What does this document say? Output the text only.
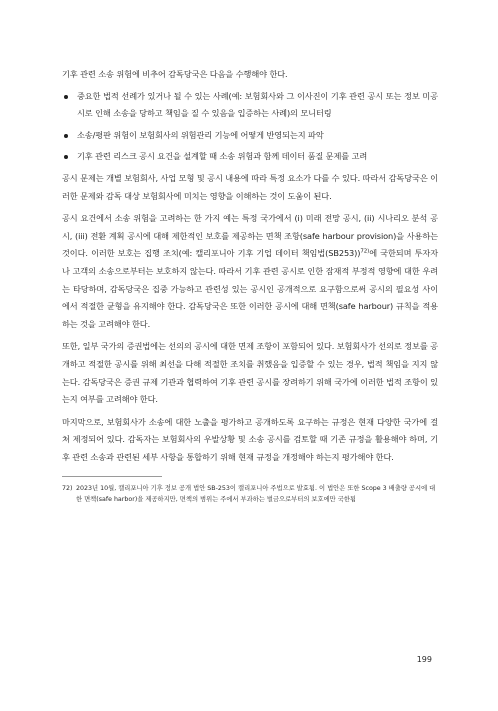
기후 관련 소송 위험에 비추어 감독당국은 다음을 수행해야 한다.

중요한 법적 선례가 있거나 될 수 있는 사례(예: 보험회사와 그 이사진이 기후 관련 공시 또는 정보 미공시로 인해 소송을 당하고 책임을 질 수 있음을 입증하는 사례)의 모니터링
소송/평판 위험이 보험회사의 위험관리 기능에 어떻게 반영되는지 파악
기후 관련 리스크 공시 요건을 설계할 때 소송 위험과 함께 데이터 품질 문제를 고려

공시 문제는 개별 보험회사, 사업 모형 및 공시 내용에 따라 특정 요소가 다를 수 있다. 따라서 감독당국은 이러한 문제와 감독 대상 보험회사에 미치는 영향을 이해하는 것이 도움이 된다.

공시 요건에서 소송 위험을 고려하는 한 가지 예는 특정 국가에서 (i) 미래 전망 공시, (ii) 시나리오 분석 공시, (iii) 전환 계획 공시에 대해 제한적인 보호를 제공하는 면책 조항(safe harbour provision)을 사용하는 것이다. 이러한 보호는 집행 조치(예: 캘리포니아 기후 기업 데이터 책임법(SB253))$^{72)}$에 국한되며 투자자나 고객의 소송으로부터는 보호하지 않는다. 따라서 기후 관련 공시로 인한 잠재적 부정적 영향에 대한 우려는 타당하며, 감독당국은 집중 가능하고 관련성 있는 공시인 공개적으로 요구함으로써 공시의 필요성 사이에서 적절한 균형을 유지해야 한다. 감독당국은 또한 이러한 공시에 대해 면책(safe harbour) 규칙을 적용하는 것을 고려해야 한다.

또한, 일부 국가의 증권법에는 선의의 공시에 대한 면제 조항이 포함되어 있다. 보험회사가 선의로 정보를 공개하고 적절한 공시를 위해 최선을 다해 적절한 조치를 취했음을 입증할 수 있는 경우, 법적 책임을 지지 않는다. 감독당국은 증권 규제 기관과 협력하여 기후 관련 공시를 장려하기 위해 국가에 이러한 법적 조항이 있는지 여부를 고려해야 한다.

마지막으로, 보험회사가 소송에 대한 노출을 평가하고 공개하도록 요구하는 규정은 현재 다양한 국가에 걸쳐 제정되어 있다. 감독자는 보험회사의 우발상황 및 소송 공시를 검토할 때 기존 규정을 활용해야 하며, 기후 관련 소송과 관련된 세부 사항을 통합하기 위해 현재 규정을 개정해야 하는지 평가해야 한다.

72) 2023년 10월, 캘리포니아 기후 정보 공개 법안 SB-253이 캘리포니아 주법으로 발효됨. 이 법안은 또한 Scope 3 배출량 공시에 대한 면책(safe harbor)을 제공하지만, 면책의 범위는 주에서 부과하는 벌금으로부터의 보호에만 국한됨
199
